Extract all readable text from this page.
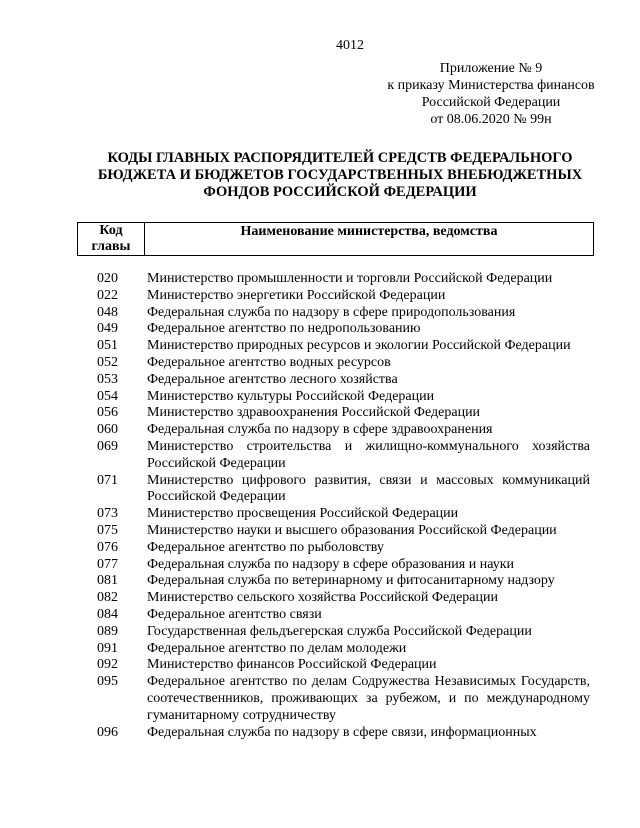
4012
Приложение № 9
к приказу Министерства финансов
Российской Федерации
от 08.06.2020 № 99н
КОДЫ ГЛАВНЫХ РАСПОРЯДИТЕЛЕЙ СРЕДСТВ ФЕДЕРАЛЬНОГО
БЮДЖЕТА И БЮДЖЕТОВ ГОСУДАРСТВЕННЫХ ВНЕБЮДЖЕТНЫХ
ФОНДОВ РОССИЙСКОЙ ФЕДЕРАЦИИ
Код
главы
Наименование министерства, ведомства
020	Министерство промышленности и торговли Российской Федерации
022	Министерство энергетики Российской Федерации
048	Федеральная служба по надзору в сфере природопользования
049	Федеральное агентство по недропользованию
051	Министерство природных ресурсов и экологии Российской Федерации
052	Федеральное агентство водных ресурсов
053	Федеральное агентство лесного хозяйства
054	Министерство культуры Российской Федерации
056	Министерство здравоохранения Российской Федерации
060	Федеральная служба по надзору в сфере здравоохранения
069	Министерство строительства и жилищно-коммунального хозяйства Российской Федерации
071	Министерство цифрового развития, связи и массовых коммуникаций Российской Федерации
073	Министерство просвещения Российской Федерации
075	Министерство науки и высшего образования Российской Федерации
076	Федеральное агентство по рыболовству
077	Федеральная служба по надзору в сфере образования и науки
081	Федеральная служба по ветеринарному и фитосанитарному надзору
082	Министерство сельского хозяйства Российской Федерации
084	Федеральное агентство связи
089	Государственная фельдъегерская служба Российской Федерации
091	Федеральное агентство по делам молодежи
092	Министерство финансов Российской Федерации
095	Федеральное агентство по делам Содружества Независимых Государств, соотечественников, проживающих за рубежом, и по международному гуманитарному сотрудничеству
096	Федеральная служба по надзору в сфере связи, информационных
